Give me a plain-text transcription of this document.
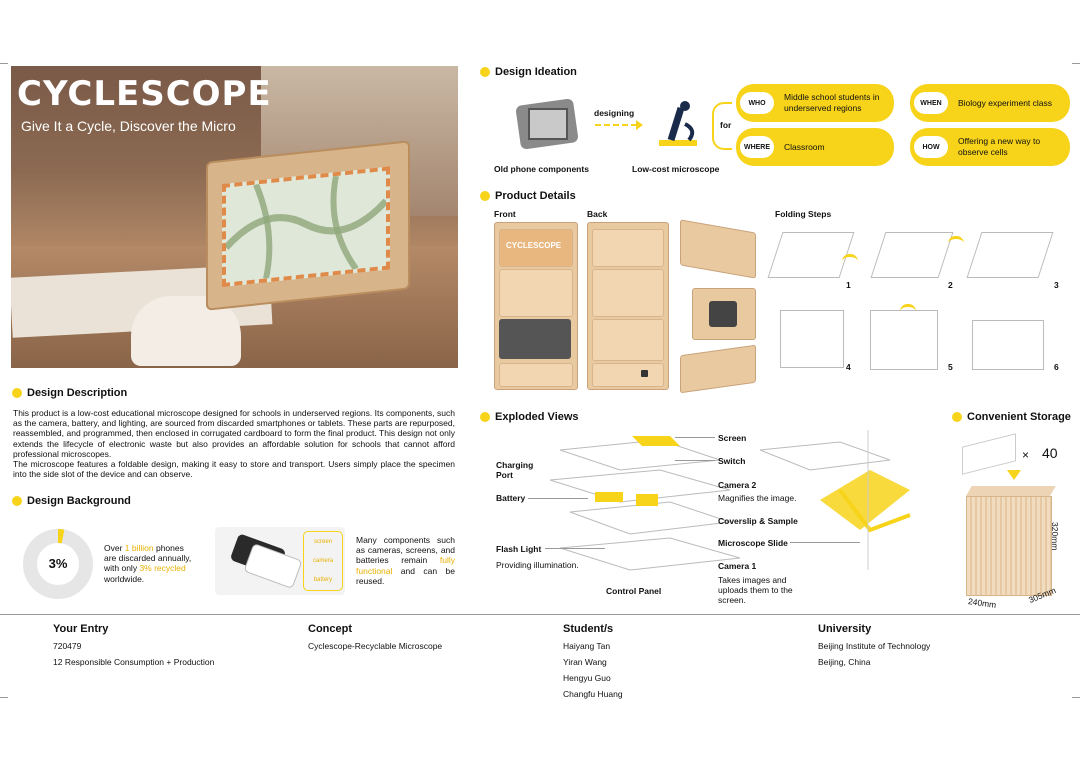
CYCLESCOPE
Give It a Cycle, Discover the Micro
Design Description
This product is a low-cost educational microscope designed for schools in underserved regions. Its components, such as the camera, battery, and lighting, are sourced from discarded smartphones or tablets. These parts are repurposed, reassembled, and programmed, then enclosed in corrugated cardboard to form the final product. This design not only extends the lifecycle of electronic waste but also provides an affordable solution for schools that cannot afford professional microscopes.
The microscope features a foldable design, making it easy to store and transport. Users simply place the specimen into the side slot of the device and can observe.
Design Background
3%
Over 1 billion phones are discarded annually, with only 3% recycled worldwide.
screen
camera
battery
Many components such as cameras, screens, and batteries remain fully functional and can be reused.
Design Ideation
designing
Old phone components	Low-cost microscope
for
WHO
Middle school students in underserved regions	WHEN	Biology experiment class
WHERE	Classroom	HOW
Offering a new way to observe cells
Product Details
Front	Back	Folding Steps
CYCLESCOPE
1	2	3
4	5	6
Exploded Views
Screen
Switch
Charging Port
Battery
Camera 2
Magnifies the image.
Coverslip & Sample
Microscope Slide
Flash Light
Providing illumination.	Camera 1
Takes images and uploads them to the screen.
Control Panel
Convenient Storage
× 40
320mm
240mm	305mm
Your Entry
720479
12 Responsible Consumption + Production
Concept
Cyclescope-Recyclable Microscope
Student/s
Haiyang Tan
Yiran Wang
Hengyu Guo
Changfu Huang
University
Beijing Institute of Technology
Beijing, China
